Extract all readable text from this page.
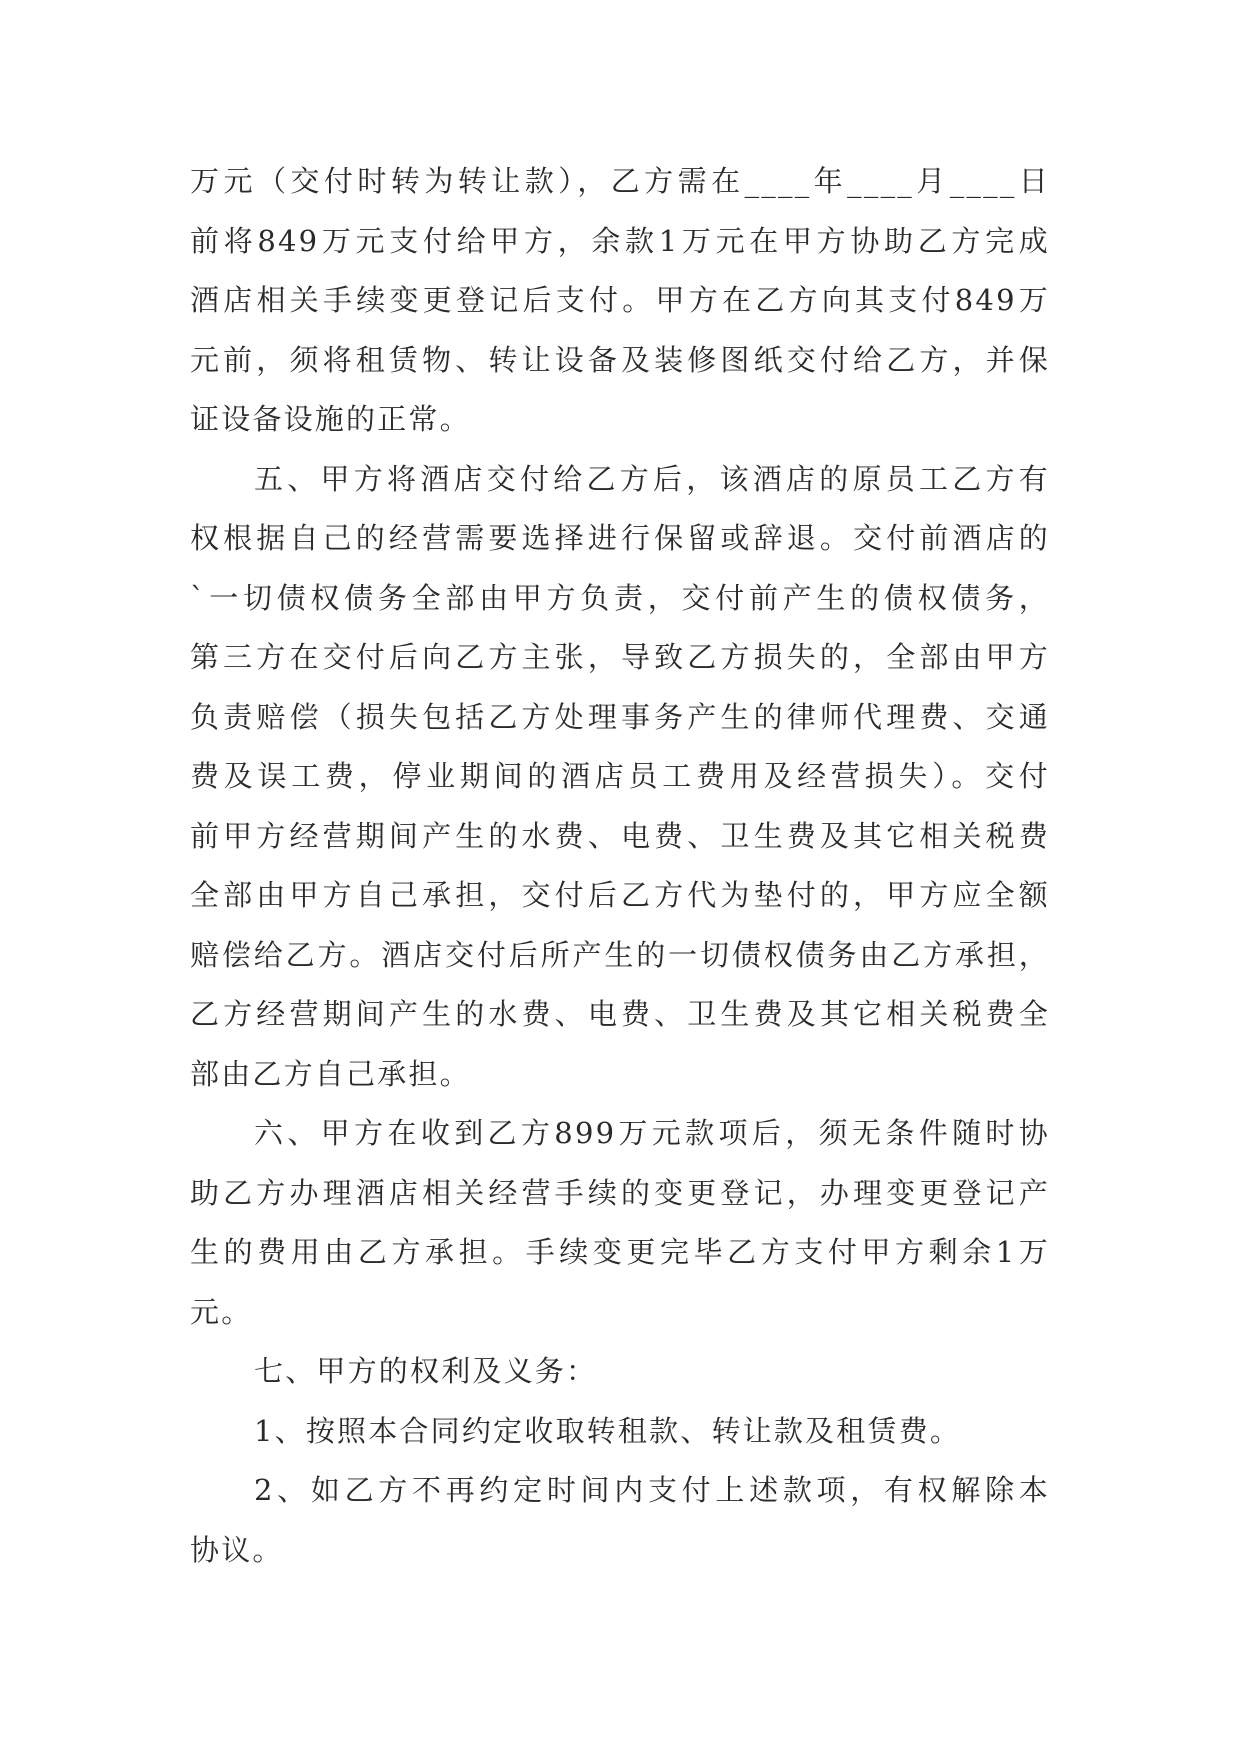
万元（交付时转为转让款），乙方需在____年____月____日
前将849万元支付给甲方，余款1万元在甲方协助乙方完成
酒店相关手续变更登记后支付。甲方在乙方向其支付849万
元前，须将租赁物、转让设备及装修图纸交付给乙方，并保
证设备设施的正常。
五、甲方将酒店交付给乙方后，该酒店的原员工乙方有
权根据自己的经营需要选择进行保留或辞退。交付前酒店的
`一切债权债务全部由甲方负责，交付前产生的债权债务，
第三方在交付后向乙方主张，导致乙方损失的，全部由甲方
负责赔偿（损失包括乙方处理事务产生的律师代理费、交通
费及误工费，停业期间的酒店员工费用及经营损失）。交付
前甲方经营期间产生的水费、电费、卫生费及其它相关税费
全部由甲方自己承担，交付后乙方代为垫付的，甲方应全额
赔偿给乙方。酒店交付后所产生的一切债权债务由乙方承担，
乙方经营期间产生的水费、电费、卫生费及其它相关税费全
部由乙方自己承担。
六、甲方在收到乙方899万元款项后，须无条件随时协
助乙方办理酒店相关经营手续的变更登记，办理变更登记产
生的费用由乙方承担。手续变更完毕乙方支付甲方剩余1万
元。
七、甲方的权利及义务：
1、按照本合同约定收取转租款、转让款及租赁费。
2、如乙方不再约定时间内支付上述款项，有权解除本
协议。
